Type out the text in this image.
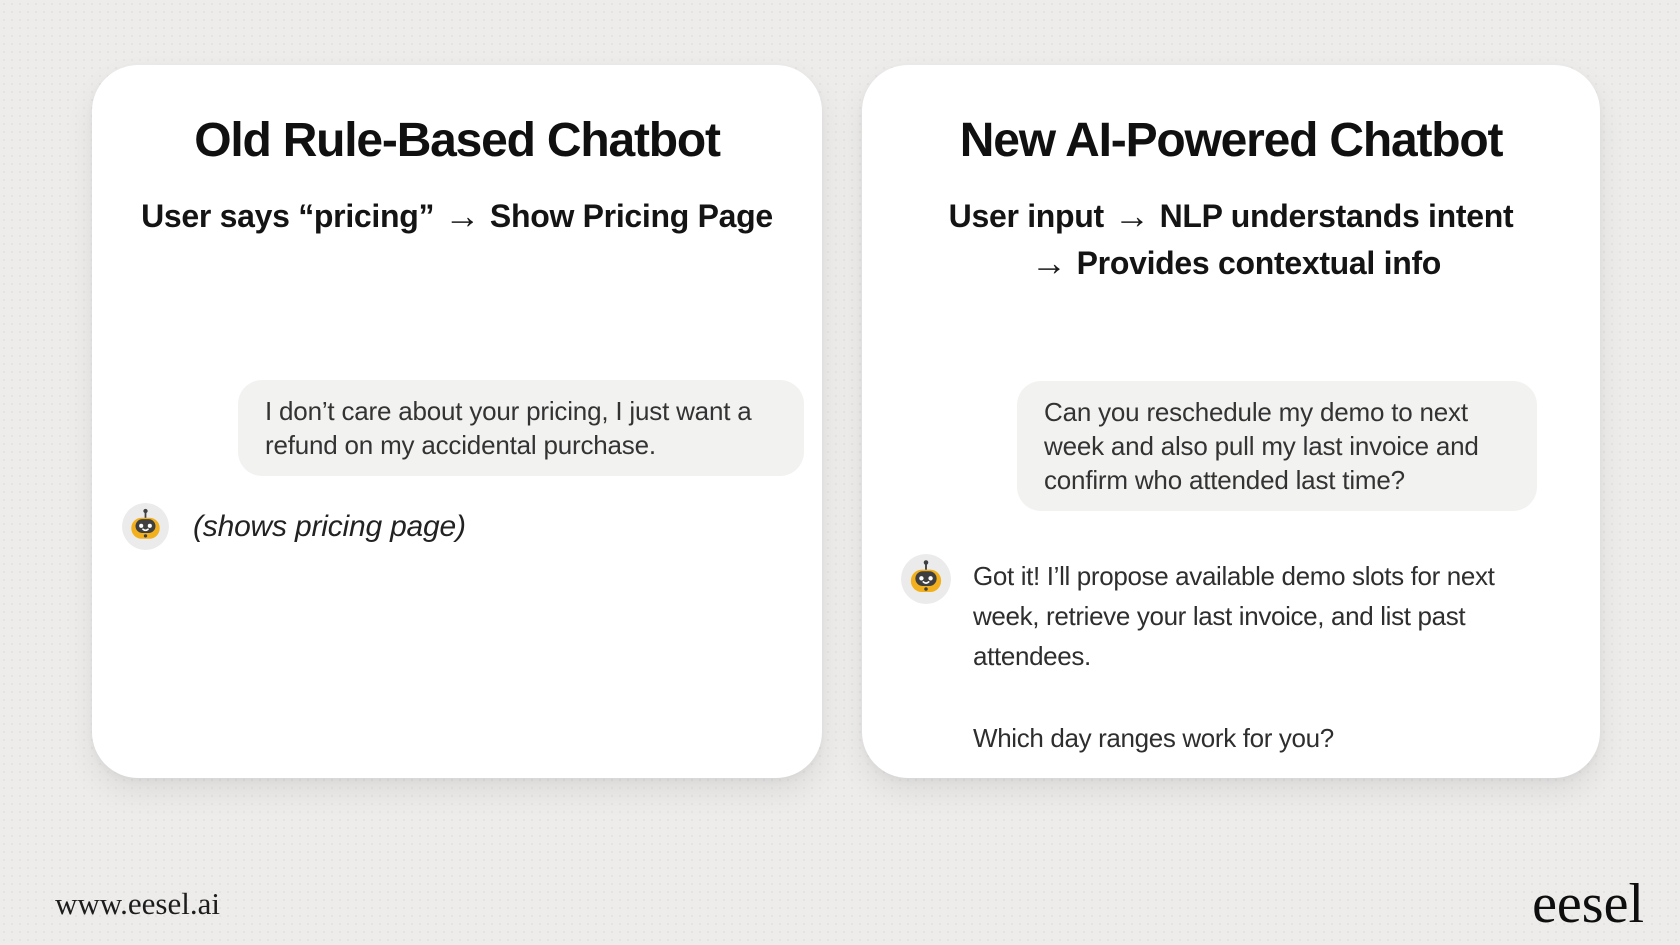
Old Rule-Based Chatbot
User says “pricing” → Show Pricing Page
I don’t care about your pricing, I just want a refund on my accidental purchase.
(shows pricing page)
New AI-Powered Chatbot
User input → NLP understands intent
→ Provides contextual info
Can you reschedule my demo to next week and also pull my last invoice and confirm who attended last time?

Got it! I’ll propose available demo slots for next week, retrieve your last invoice, and list past attendees.

Which day ranges work for you?

www.eesel.ai	eesel
